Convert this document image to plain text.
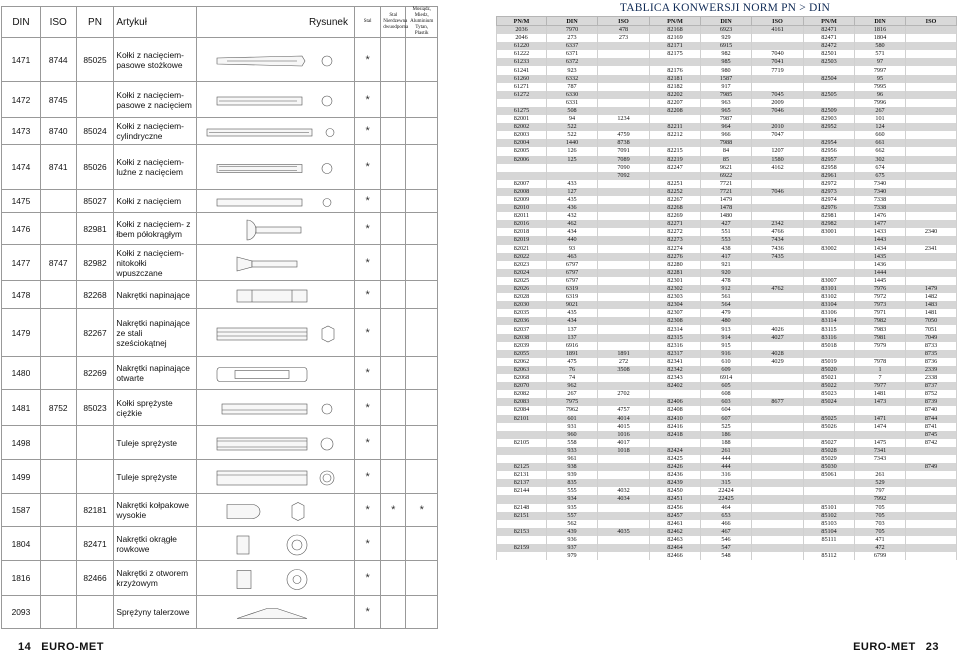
DIN	ISO	PN	Artykuł	Rysunek	Stal	Stal Nierdzewna dwuodporna	Mosiądz, Miedz, Aluminium Tytan, Plastik
1471	8744	85025	Kołki z nacięciem- pasowe stożkowe		*		
1472	8745		Kołki z nacięciem- pasowe z nacięciem		*		
1473	8740	85024	Kołki z nacięciem- cylindryczne		*		
1474	8741	85026	Kołki z nacięciem- luźne z nacięciem		*		
1475		85027	Kołki z nacięciem		*		
1476		82981	Kołki z nacięciem- z łbem półokrągłym		*		
1477	8747	82982	Kołki z nacięciem- nitokołki wpuszczane		*		
1478		82268	Nakrętki napinające		*		
1479		82267	Nakrętki napinające ze stali sześciokątnej		*		
1480		82269	Nakrętki napinające otwarte		*		
1481	8752	85023	Kołki sprężyste ciężkie		*		
1498			Tuleje sprężyste		*		
1499			Tuleje sprężyste		*		
1587		82181	Nakrętki kołpakowe wysokie		*	*	*
1804		82471	Nakrętki okrągłe rowkowe		*		
1816		82466	Nakrętki z otworem krzyżowym		*		
2093			Sprężyny talerzowe		*		
TABLICA KONWERSJI NORM PN > DIN
PN/M	DIN	ISO	PN/M	DIN	ISO	PN/M	DIN	ISO
2036	7970	478	82168	6923	4161	82471	1816	
2046	273	273	82169	929		82471	1804	
61220	6337		82171	6915		82472	580	
61222	6371		82175	982	7040	82501	571	
61233	6372			985	7041	82503	97	
61241	923		82176	980	7719		7997	
61260	6332		82181	1587		82504	95	
61271	787		82182	917			7995	
61272	6330		82202	7985	7045	82505	96	
	6331		82207	963	2009		7996	
61275	508		82208	965	7046	82509	267	
82001	94	1234		7987		82903	101	
82002	522		82211	964	2010	82952	124	
82003	522	4759	82212	966	7047		660	
82004	1440	8738		7988		82954	661	
82005	126	7091	82215	84	1207	82956	662	
82006	125	7089	82219	85	1580	82957	302	
		7090	82247	9621	4162	82958	674	
		7092		6922		82961	675	
82007	433		82251	7721		82972	7340	
82008	127		82252	7721	7046	82973	7340	
82009	435		82267	1479		82974	7338	
82010	436		82268	1478		82976	7338	
82011	432		82269	1480		82981	1476	
82016	462		82271	427	2342	82982	1477	
82018	434		82272	551	4766	83001	1433	2340
82019	440		82273	553	7434		1443	
82021	93		82274	438	7436	83002	1434	2341
82022	463		82276	417	7435		1435	
82023	6797		82280	921			1436	
82024	6797		82281	920			1444	
82025	6797		82301	478		83007	1445	
82026	6319		82302	912	4762	83101	7976	1479
82028	6319		82303	561		83102	7972	1482
82030	9021		82304	564		83104	7973	1483
82035	435		82307	479		83106	7971	1481
82036	434		82308	480		83114	7982	7050
82037	137		82314	913	4026	83115	7983	7051
82038	137		82315	914	4027	83116	7981	7049
82039	6916		82316	915		85018	7979	8733
82055	1891	1891	82317	916	4028			8735
82062	475	272	82341	610	4029	85019	7978	8736
82063	76	3508	82342	609		85020	1	2339
82068	74		82343	6914		85021	7	2338
82070	962		82402	605		85022	7977	8737
82082	267	2702		608		85023	1481	8752
82083	7975		82406	603	8677	85024	1473	8739
82084	7962	4757	82408	604				8740
82101	601	4014	82410	607		85025	1471	8744
	931	4015	82416	525		85026	1474	8741
	960	1016	82418	186				8745
82105	558	4017		188		85027	1475	8742
	933	1018	82424	261		85028	7341	
	961		82425	444		85029	7343	
82125	938		82426	444		85030		8749
82131	939		82436	316		85061	261	
82137	835		82439	315			529	
82144	555	4032	82450	22424			797	
	934	4034	82451	22425			7992	
82148	935		82456	464		85101	705	
82151	557		82457	653		85102	705	
	562		82461	466		85103	703	
82153	439	4035	82462	467		85104	705	
	936		82463	546		85111	471	
82159	937		82464	547			472	
	979		82466	548		85112	6799	
14 EURO-MET	EURO-MET 23
